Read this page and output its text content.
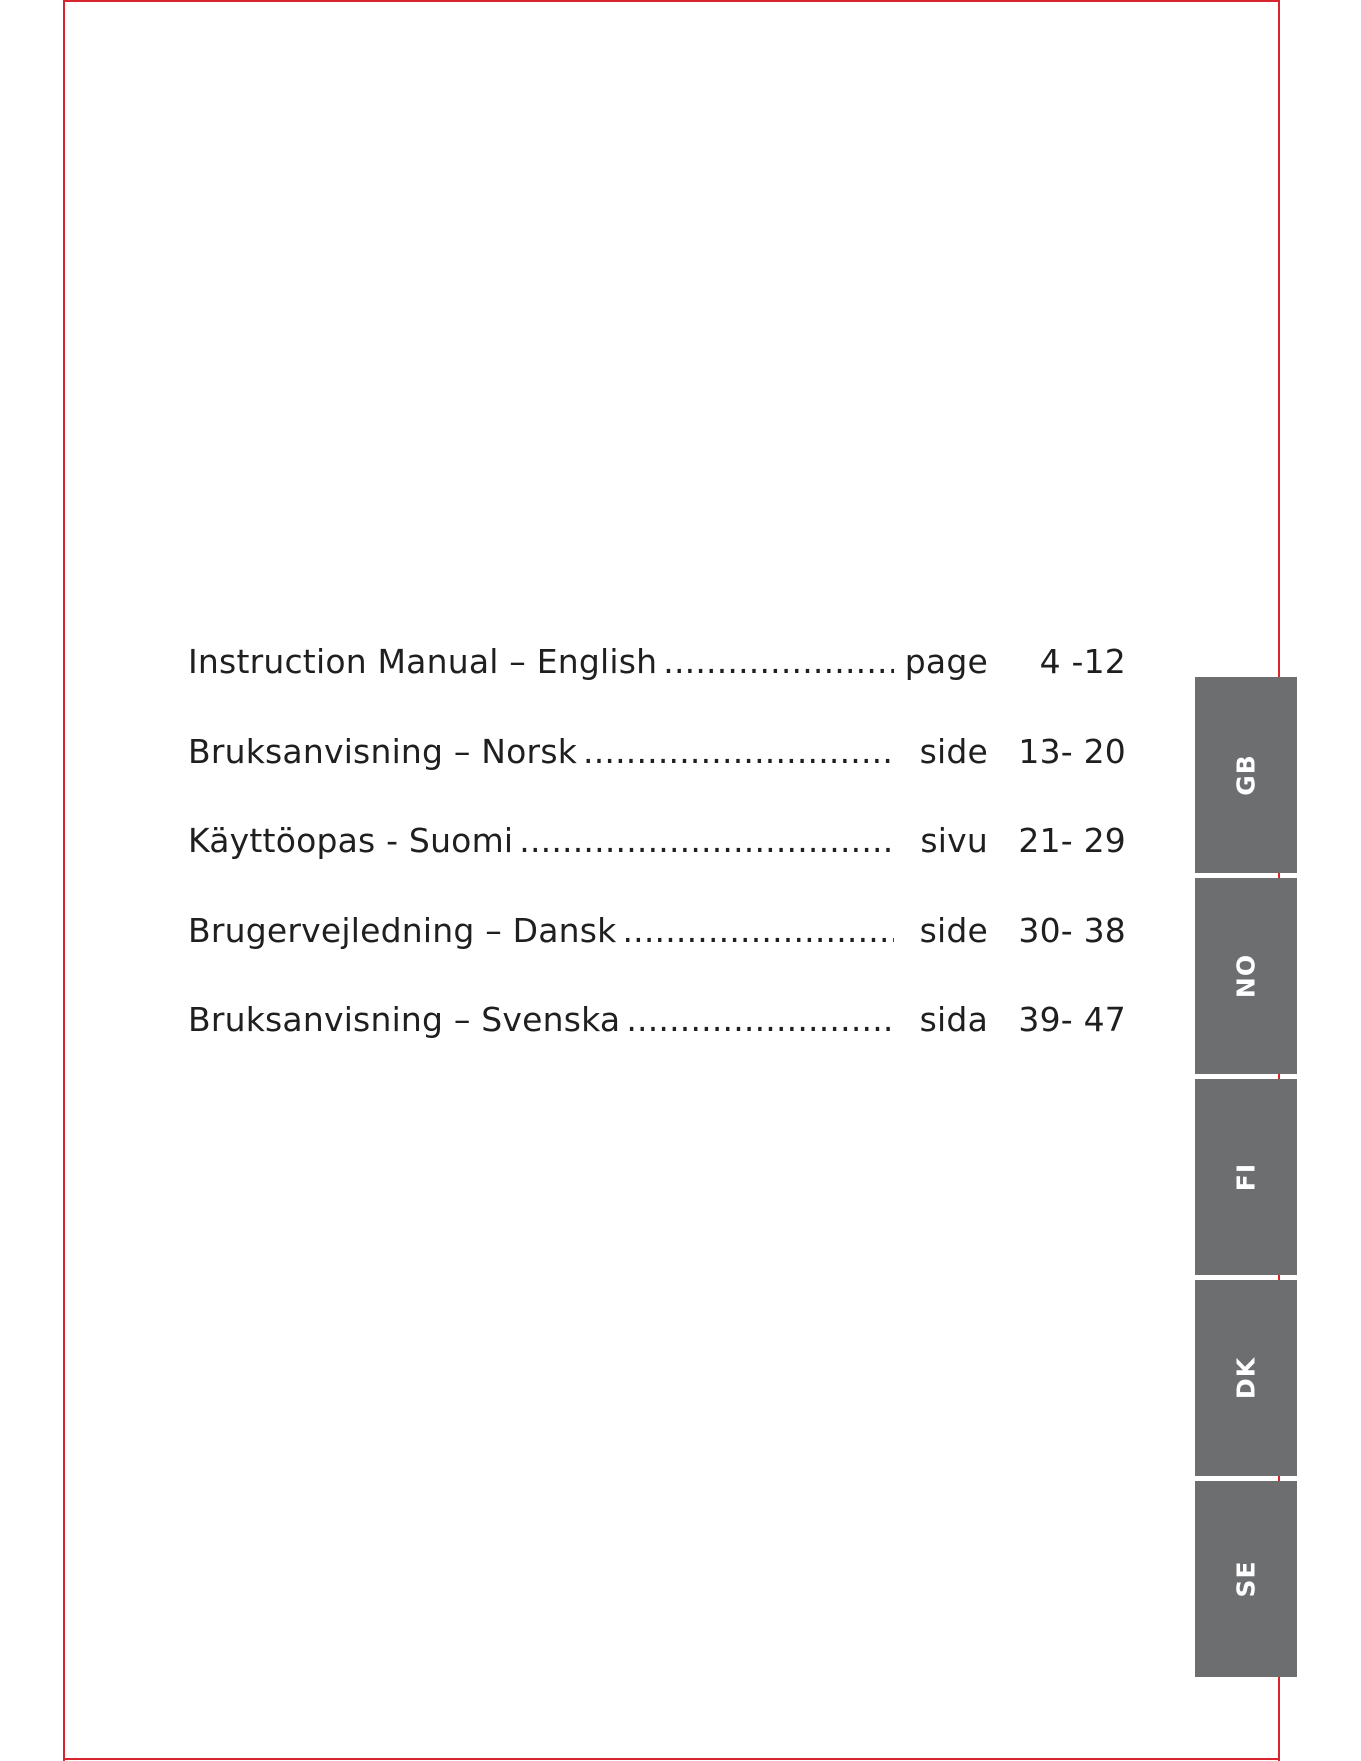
Instruction Manual – English .....	page	4 -12
Bruksanvisning – Norsk .....	side 13- 20
Käyttöopas - Suomi .....	sivu 21- 29
Brugervejledning – Dansk .....	side 30- 38
Bruksanvisning – Svenska .....	sida 39- 47
GB
NO
FI
DK
SE
